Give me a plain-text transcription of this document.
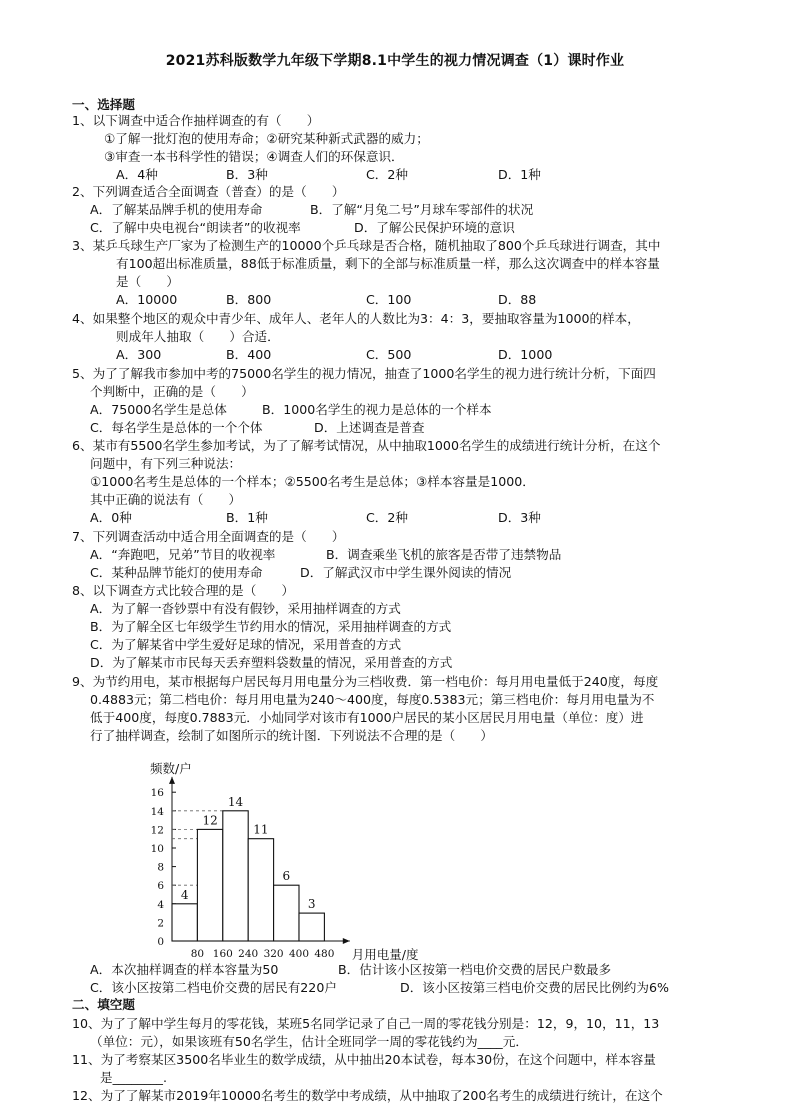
2021苏科版数学九年级下学期8.1中学生的视力情况调查（1）课时作业
一、选择题
1、以下调查中适合作抽样调查的有（　　）
①了解一批灯泡的使用寿命；②研究某种新式武器的威力；
③审查一本书科学性的错误；④调查人们的环保意识．
A．4种	B．3种	C．2种	D．1种
2、下列调查适合全面调查（普查）的是（　　）
A．了解某品牌手机的使用寿命	B．了解“月兔二号”月球车零部件的状况
C．了解中央电视台“朗读者”的收视率	D．了解公民保护环境的意识
3、某乒乓球生产厂家为了检测生产的10000个乒乓球是否合格，随机抽取了800个乒乓球进行调查，其中
有100超出标准质量，88低于标准质量，剩下的全部与标准质量一样，那么这次调查中的样本容量
是（　　）
A．10000	B．800	C．100	D．88
4、如果整个地区的观众中青少年、成年人、老年人的人数比为3：4：3，要抽取容量为1000的样本，
则成年人抽取（　　）合适．
A．300	B．400	C．500	D．1000
5、为了了解我市参加中考的75000名学生的视力情况，抽查了1000名学生的视力进行统计分析，下面四
个判断中，正确的是（　　）
A．75000名学生是总体	B．1000名学生的视力是总体的一个样本
C．每名学生是总体的一个个体	D．上述调查是普查
6、某市有5500名学生参加考试，为了了解考试情况，从中抽取1000名学生的成绩进行统计分析，在这个
问题中，有下列三种说法：
①1000名考生是总体的一个样本；②5500名考生是总体；③样本容量是1000．
其中正确的说法有（　　）
A．0种	B．1种	C．2种	D．3种
7、下列调查活动中适合用全面调查的是（　　）
A．“奔跑吧，兄弟”节目的收视率	B．调查乘坐飞机的旅客是否带了违禁物品
C．某种品牌节能灯的使用寿命	D．了解武汉市中学生课外阅读的情况
8、以下调查方式比较合理的是（　　）
A．为了解一沓钞票中有没有假钞，采用抽样调查的方式
B．为了解全区七年级学生节约用水的情况，采用抽样调查的方式
C．为了解某省中学生爱好足球的情况，采用普查的方式
D．为了解某市市民每天丢弃塑料袋数量的情况，采用普查的方式
9、为节约用电，某市根据每户居民每月用电量分为三档收费．第一档电价：每月用电量低于240度，每度
0.4883元；第二档电价：每月用电量为240～400度，每度0.5383元；第三档电价：每月用电量为不
低于400度，每度0.7883元．小灿同学对该市有1000户居民的某小区居民月用电量（单位：度）进
行了抽样调查，绘制了如图所示的统计图．下列说法不合理的是（　　）
2
4
6
8
10
12
14
16
4
12
14
11
6
3
80 160 240 320 400 480
0
频数/户
月用电量/度
A．本次抽样调查的样本容量为50	B．估计该小区按第一档电价交费的居民户数最多
C．该小区按第二档电价交费的居民有220户	D．该小区按第三档电价交费的居民比例约为6%
二、填空题
10、为了了解中学生每月的零花钱，某班5名同学记录了自己一周的零花钱分别是：12，9，10，11，13
（单位：元），如果该班有50名学生，估计全班同学一周的零花钱约为____元．
11、为了考察某区3500名毕业生的数学成绩，从中抽出20本试卷，每本30份，在这个问题中，样本容量
是________.
12、为了了解某市2019年10000名考生的数学中考成绩，从中抽取了200名考生的成绩进行统计，在这个
